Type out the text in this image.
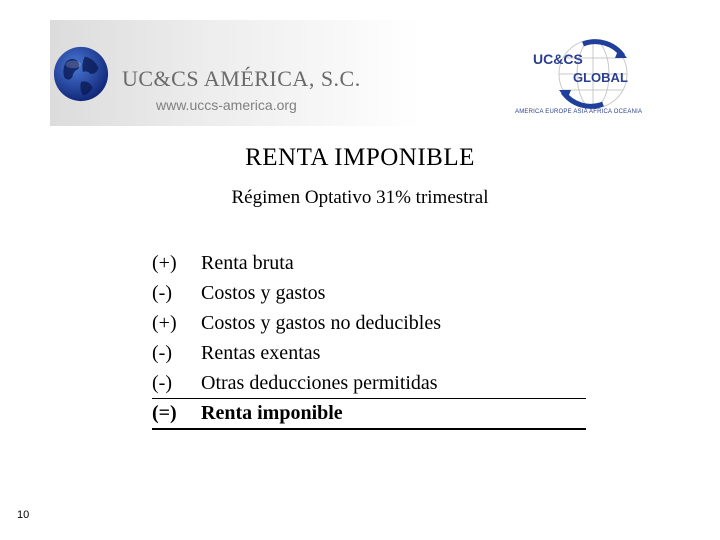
UC&CS AMÉRICA, S.C.
www.uccs-america.org
UC&CS
GLOBAL
AMERICA EUROPE ASIA AFRICA OCEANIA
RENTA IMPONIBLE
Régimen Optativo 31% trimestral
(+) Renta bruta
(-) Costos y gastos
(+) Costos y gastos no deducibles
(-) Rentas exentas
(-) Otras deducciones permitidas
(=) Renta imponible
10
